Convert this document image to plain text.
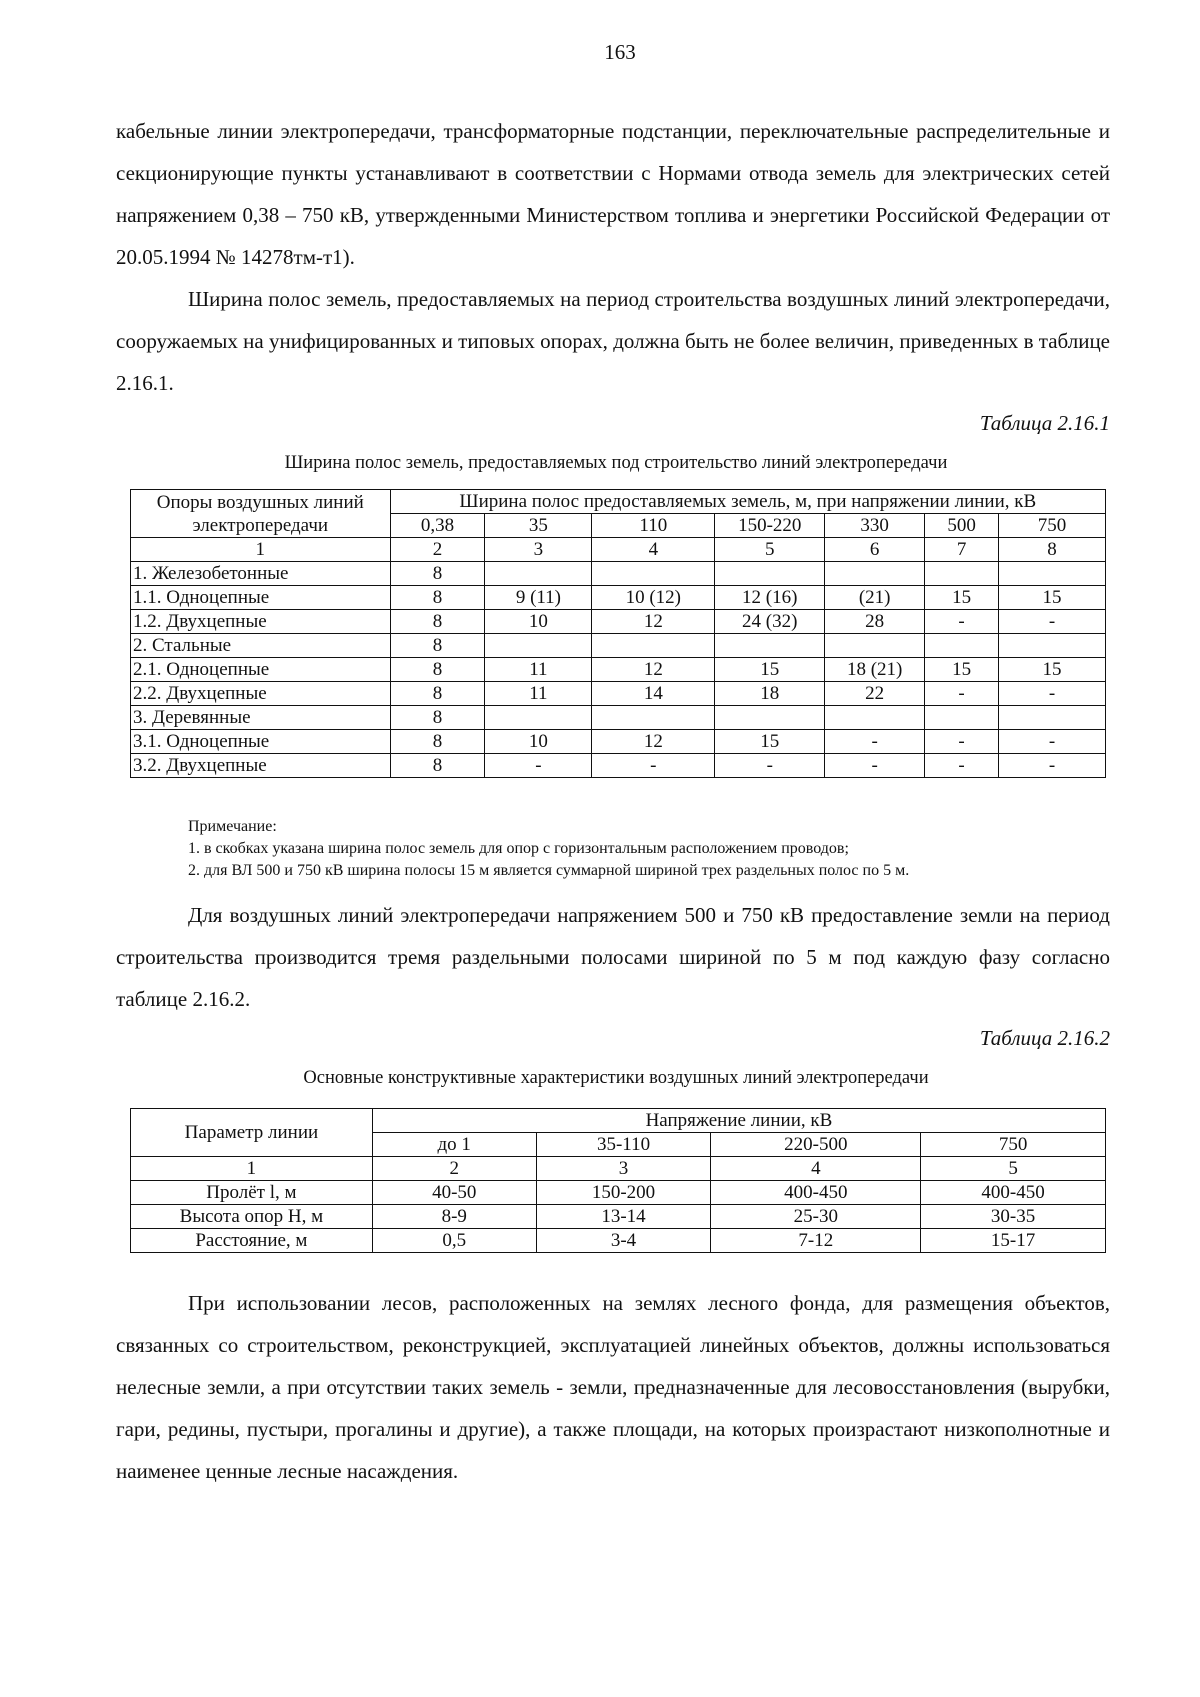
163

кабельные линии электропередачи, трансформаторные подстанции, переключательные распределительные и секционирующие пункты устанавливают в соответствии с Нормами отвода земель для электрических сетей напряжением 0,38 – 750 кВ, утвержденными Министерством топлива и энергетики Российской Федерации от 20.05.1994 № 14278тм-т1).

Ширина полос земель, предоставляемых на период строительства воздушных линий электропередачи, сооружаемых на унифицированных и типовых опорах, должна быть не более величин, приведенных в таблице 2.16.1.

Таблица 2.16.1
Ширина полос земель, предоставляемых под строительство линий электропередачи
Опоры воздушных линий электропередачи	Ширина полос предоставляемых земель, м, при напряжении линии, кВ						
	0,38	35	110	150-220	330	500	750
1	2	3	4	5	6	7	8
1. Железобетонные	8						
1.1. Одноцепные	8	9 (11)	10 (12)	12 (16)	(21)	15	15
1.2. Двухцепные	8	10	12	24 (32)	28	-	-
2. Стальные	8						
2.1. Одноцепные	8	11	12	15	18 (21)	15	15
2.2. Двухцепные	8	11	14	18	22	-	-
3. Деревянные	8						
3.1. Одноцепные	8	10	12	15	-	-	-
3.2. Двухцепные	8	-	-	-	-	-	-
Примечание:
1. в скобках указана ширина полос земель для опор с горизонтальным расположением проводов;
2. для ВЛ 500 и 750 кВ ширина полосы 15 м является суммарной шириной трех раздельных полос по 5 м.

Для воздушных линий электропередачи напряжением 500 и 750 кВ предоставление земли на период строительства производится тремя раздельными полосами шириной по 5 м под каждую фазу согласно таблице 2.16.2.

Таблица 2.16.2
Основные конструктивные характеристики воздушных линий электропередачи
Параметр линии	Напряжение линии, кВ			
	до 1	35-110	220-500	750
1	2	3	4	5
Пролёт l, м	40-50	150-200	400-450	400-450
Высота опор H, м	8-9	13-14	25-30	30-35
Расстояние, м	0,5	3-4	7-12	15-17

При использовании лесов, расположенных на землях лесного фонда, для размещения объектов, связанных со строительством, реконструкцией, эксплуатацией линейных объектов, должны использоваться нелесные земли, а при отсутствии таких земель - земли, предназначенные для лесовосстановления (вырубки, гари, редины, пустыри, прогалины и другие), а также площади, на которых произрастают низкополнотные и наименее ценные лесные насаждения.
